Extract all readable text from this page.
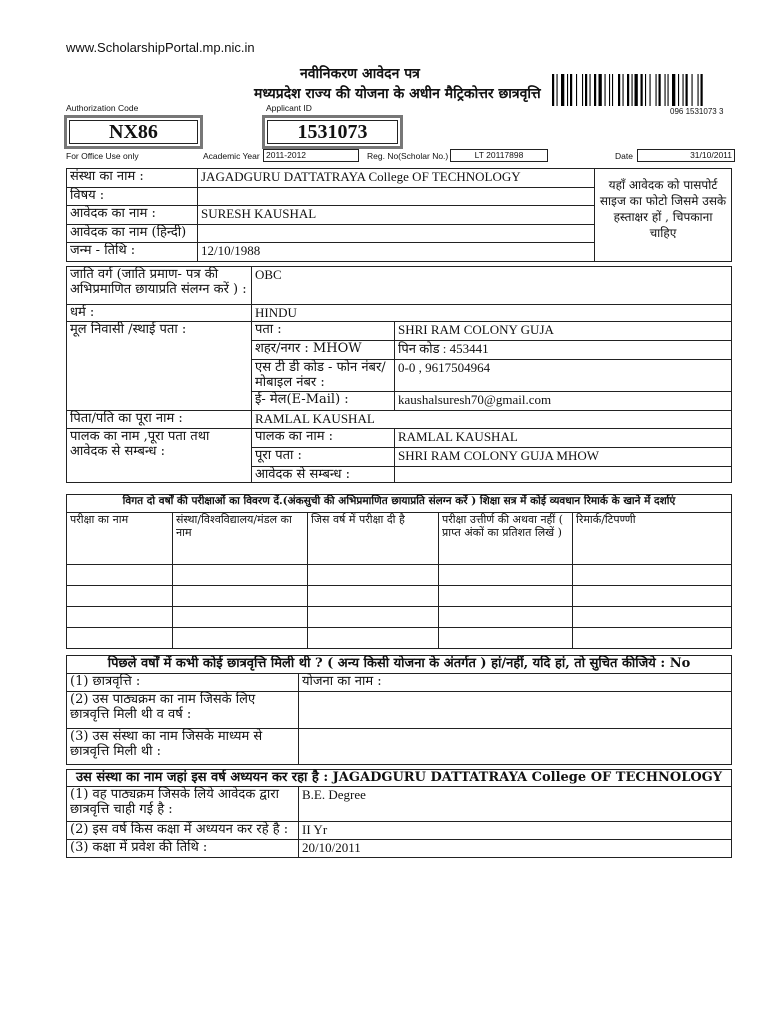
www.ScholarshipPortal.mp.nic.in
नवीनिकरण आवेदन पत्र
मध्यप्रदेश राज्य की योजना के अधीन मैट्रिकोत्तर छात्रवृत्ति
096 1531073 3
Authorization Code	Applicant ID
NX86	1531073
For Office Use only	Academic Year 2011-2012	Reg. No(Scholar No.)	LT 20117898	Date	31/10/2011
संस्था का नाम :	JAGADGURU DATTATRAYA College OF TECHNOLOGY	यहाँ आवेदक को पासपोर्ट साइज का फोटो जिसमे उसके हस्ताक्षर हों , चिपकाना चाहिए
विषय :		
आवेदक का नाम :	SURESH KAUSHAL	
आवेदक का नाम (हिन्दी)		
जन्म - तिथि :	12/10/1988	
जाति वर्ग (जाति प्रमाण- पत्र की अभिप्रमाणित छायाप्रति संलग्न करें ) :	OBC	
धर्म :	HINDU	
मूल निवासी /स्थाई पता :	पता :	SHRI RAM COLONY GUJA
	शहर/नगर : MHOW	पिन कोड : 453441
	एस टी डी कोड - फोन नंबर/मोबाइल नंबर :	0-0 , 9617504964
	ई- मेल(E-Mail) :	kaushalsuresh70@gmail.com
पिता/पति का पूरा नाम :	RAMLAL KAUSHAL	
पालक का नाम ,पूरा पता तथा आवेदक से सम्बन्ध :	पालक का नाम :	RAMLAL KAUSHAL
	पूरा पता :	SHRI RAM COLONY GUJA MHOW
	आवेदक से सम्बन्ध :	
विगत दो वर्षों की परीक्षाओं का विवरण दें.(अंकसुची की अभिप्रमाणित छायाप्रति संलग्न करें ) शिक्षा सत्र में कोई व्यवधान रिमार्क के खाने में दर्शाएं				
परीक्षा का नाम	संस्था/विश्वविद्यालय/मंडल का नाम	जिस वर्ष में परीक्षा दी है	परीक्षा उत्तीर्ण की अथवा नहीं ( प्राप्त अंकों का प्रतिशत लिखें )	रिमार्क/टिपण्णी

पिछले वर्षों में कभी कोई छात्रवृत्ति मिली थी ? ( अन्य किसी योजना के अंतर्गत ) हां/नहीं, यदि हां, तो सुचित कीजिये : No	
(1) छात्रवृत्ति :	योजना का नाम :
(2) उस पाठ्यक्रम का नाम जिसके लिए छात्रवृत्ति मिली थी व वर्ष :	
(3) उस संस्था का नाम जिसके माध्यम से छात्रवृत्ति मिली थी :	
उस संस्था का नाम जहां इस वर्ष अध्ययन कर रहा है : JAGADGURU DATTATRAYA College OF TECHNOLOGY	
(1) वह पाठ्यक्रम जिसके लिये आवेदक द्वारा छात्रवृत्ति चाही गई है :	B.E. Degree
(2) इस वर्ष किस कक्षा में अध्ययन कर रहे है :	II Yr
(3) कक्षा में प्रवेश की तिथि :	20/10/2011
